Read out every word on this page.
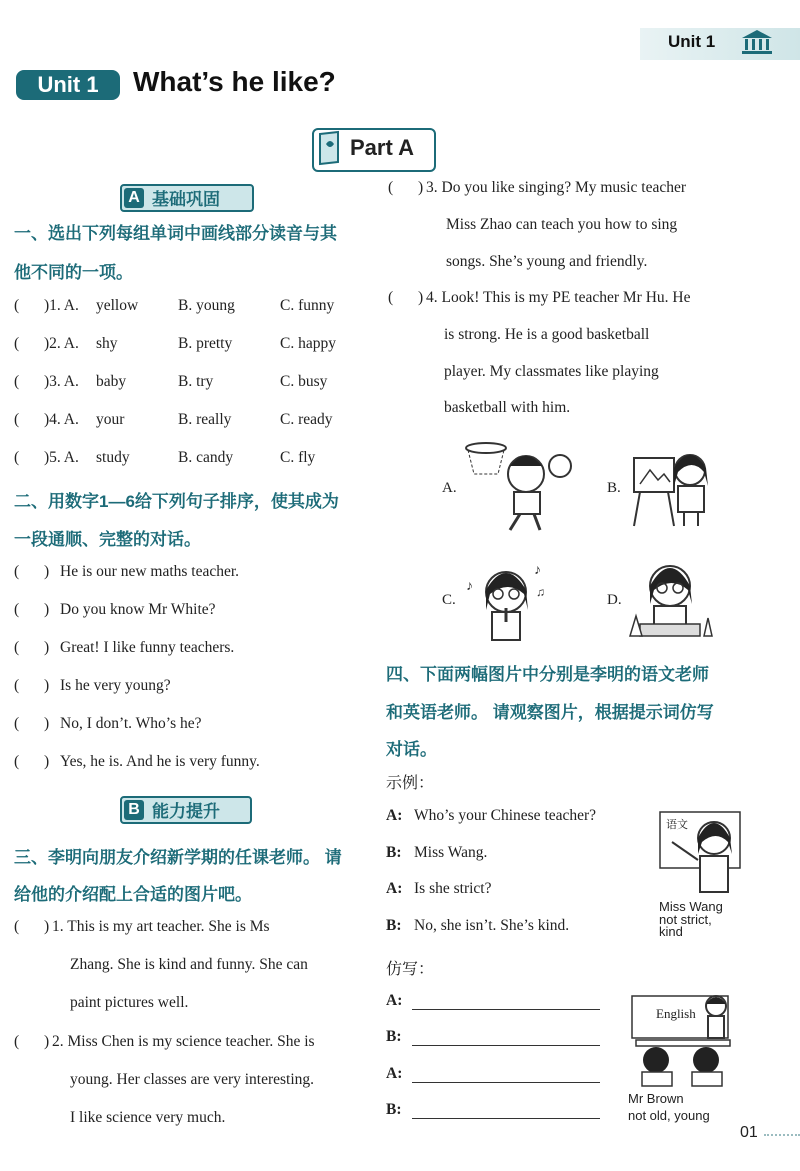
Unit 1
Unit 1	What’s he like?
Part A
A 基础巩固
一、选出下列每组单词中画线部分读音与其
他不同的一项。
( )1. A. yellow	B. young	C. funny
( )2. A. shy	B. pretty	C. happy
( )3. A. baby	B. try	C. busy
( )4. A. your	B. really	C. ready
( )5. A. study	B. candy	C. fly
二、用数字1—6给下列句子排序，使其成为
一段通顺、完整的对话。
( ) He is our new maths teacher.
( ) Do you know Mr White?
( ) Great! I like funny teachers.
( ) Is he very young?
( ) No, I don’t. Who’s he?
( ) Yes, he is. And he is very funny.
B 能力提升
三、李明向朋友介绍新学期的任课老师。 请
给他的介绍配上合适的图片吧。
( ) 1. This is my art teacher. She is Ms
Zhang. She is kind and funny. She can
paint pictures well.
( ) 2. Miss Chen is my science teacher. She is
young. Her classes are very interesting.
I like science very much.
( ) 3. Do you like singing? My music teacher
Miss Zhao can teach you how to sing
songs. She’s young and friendly.
( ) 4. Look! This is my PE teacher Mr Hu. He
is strong. He is a good basketball
player. My classmates like playing
basketball with him.
A.	B.
C.
♪
♪
♫	D.
四、下面两幅图片中分别是李明的语文老师
和英语老师。 请观察图片，根据提示词仿写
对话。
示例：
A: Who’s your Chinese teacher?
B: Miss Wang.
A: Is she strict?
B: No, she isn’t. She’s kind.
语文
Miss Wang
not strict,
kind
仿写：
A:
B:
A:
B:
English
Mr Brown
not old, young
01
